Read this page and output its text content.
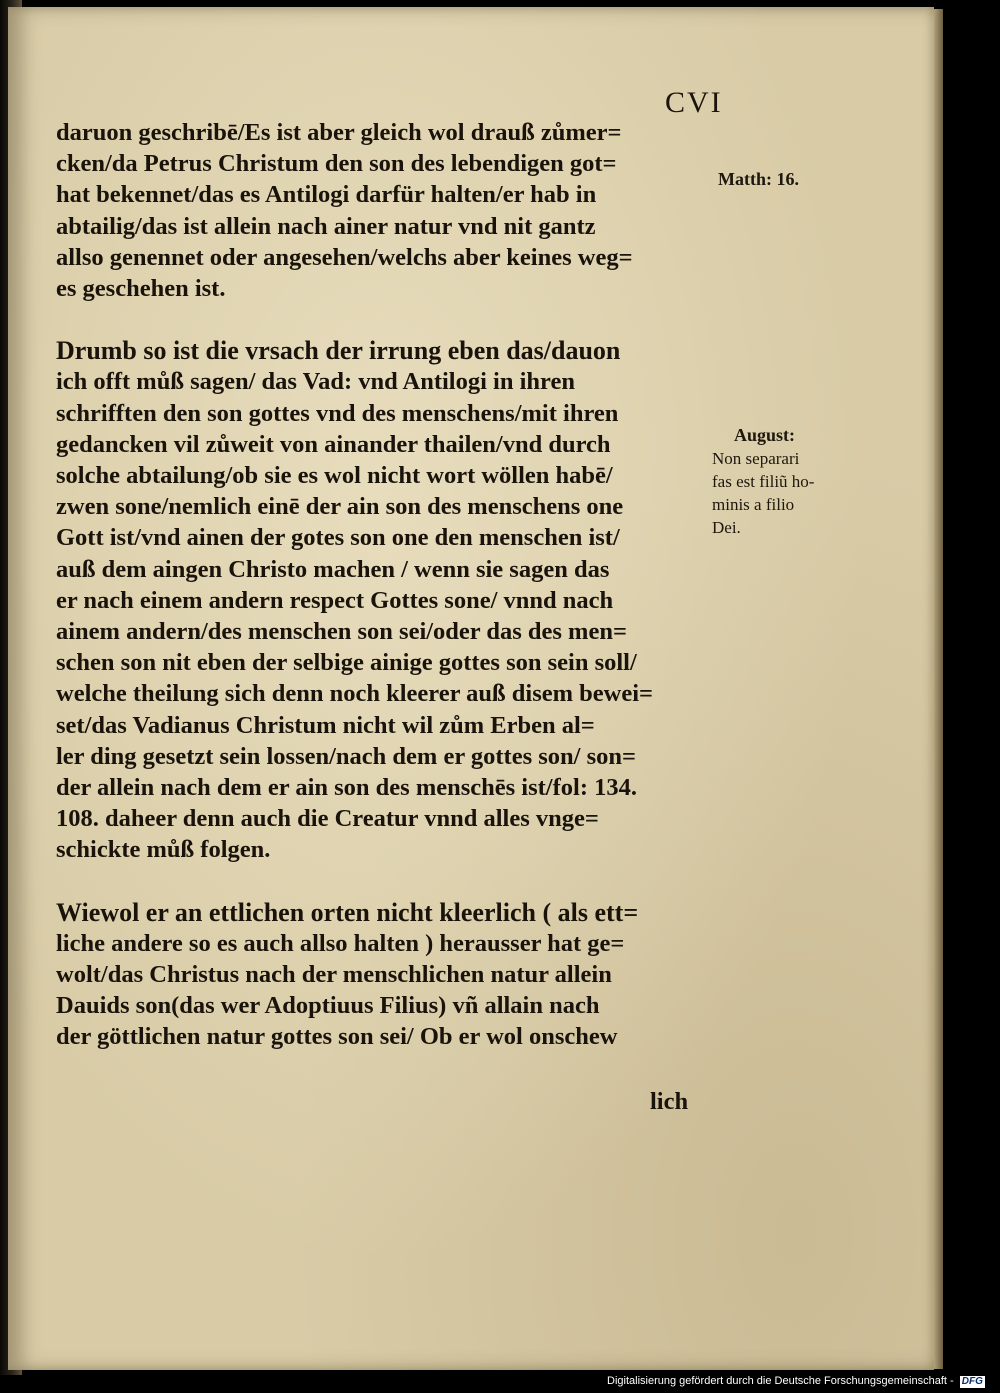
CVI

daruon geschribē/Es ist aber gleich wol drauß zůmer=
cken/da Petrus Christum den son des lebendigen got=
hat bekennet/das es Antilogi darfür halten/er hab in
abtailig/das ist allein nach ainer natur vnd nit gantz
allso genennet oder angesehen/welchs aber keines weg=
es geschehen ist.

Drumb so ist die vrsach der irrung eben das/dauon
ich offt můß sagen/ das Vad: vnd Antilogi in ihren
schrifften den son gottes vnd des menschens/mit ihren
gedancken vil zůweit von ainander thailen/vnd durch
solche abtailung/ob sie es wol nicht wort wöllen habē/
zwen sone/nemlich einē der ain son des menschens one
Gott ist/vnd ainen der gotes son one den menschen ist/
auß dem aingen Christo machen / wenn sie sagen das
er nach einem andern respect Gottes sone/ vnnd nach
ainem andern/des menschen son sei/oder das des men=
schen son nit eben der selbige ainige gottes son sein soll/
welche theilung sich denn noch kleerer auß disem bewei=
set/das Vadianus Christum nicht wil zům Erben al=
ler ding gesetzt sein lossen/nach dem er gottes son/ son=
der allein nach dem er ain son des menschēs ist/fol: 134.
108. daheer denn auch die Creatur vnnd alles vnge=
schickte můß folgen.

Wiewol er an ettlichen orten nicht kleerlich ( als ett=
liche andere so es auch allso halten ) herausser hat ge=
wolt/das Christus nach der menschlichen natur allein
Dauids son(das wer Adoptiuus Filius) vñ allain nach
der göttlichen natur gottes son sei/ Ob er wol onschew

lich
Matth: 16.
August:
Non separari
fas est filiũ ho-
minis a filio
Dei.
Digitalisierung gefördert durch die Deutsche Forschungsgemeinschaft - DFG
